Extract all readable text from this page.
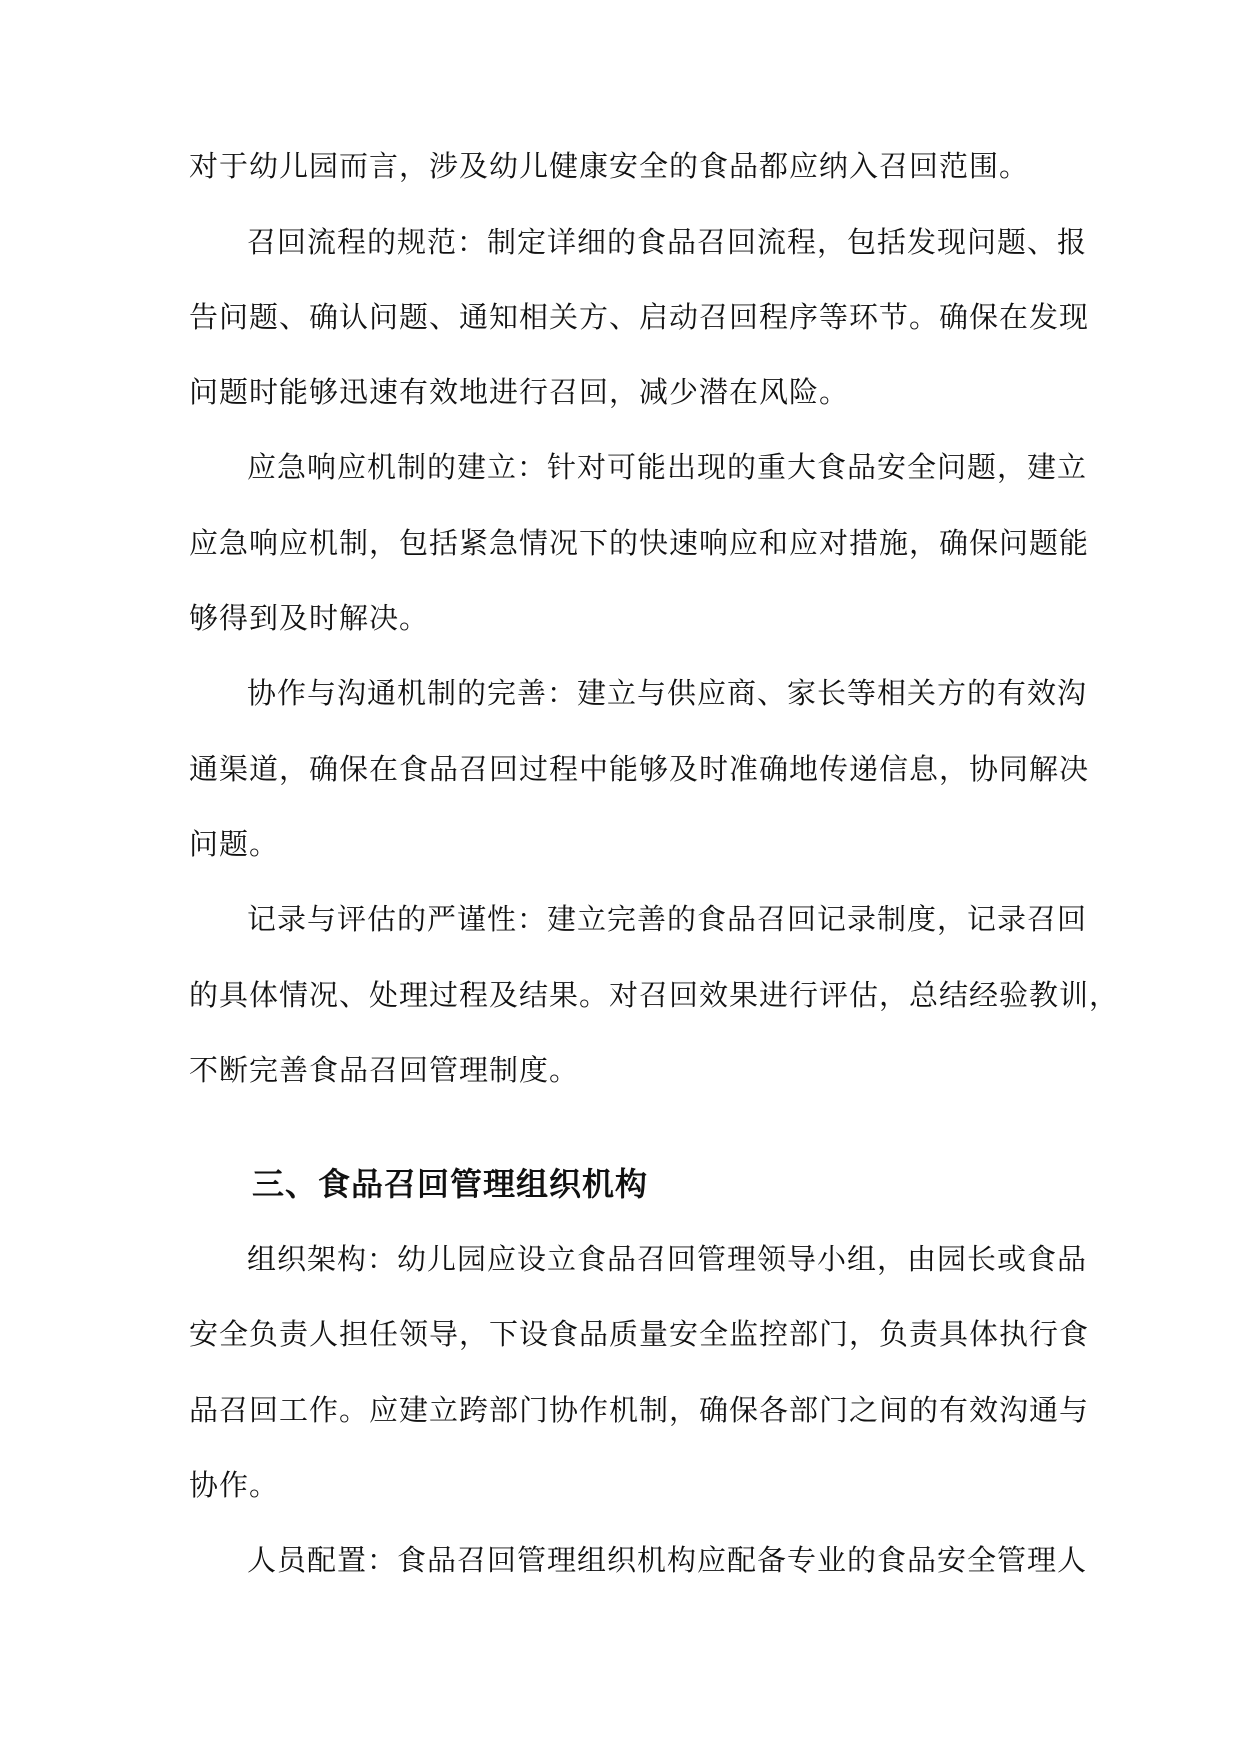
对于幼儿园而言，涉及幼儿健康安全的食品都应纳入召回范围。
召回流程的规范：制定详细的食品召回流程，包括发现问题、报
告问题、确认问题、通知相关方、启动召回程序等环节。确保在发现
问题时能够迅速有效地进行召回，减少潜在风险。
应急响应机制的建立：针对可能出现的重大食品安全问题，建立
应急响应机制，包括紧急情况下的快速响应和应对措施，确保问题能
够得到及时解决。
协作与沟通机制的完善：建立与供应商、家长等相关方的有效沟
通渠道，确保在食品召回过程中能够及时准确地传递信息，协同解决
问题。
记录与评估的严谨性：建立完善的食品召回记录制度，记录召回
的具体情况、处理过程及结果。对召回效果进行评估，总结经验教训，
不断完善食品召回管理制度。
三、食品召回管理组织机构
组织架构：幼儿园应设立食品召回管理领导小组，由园长或食品
安全负责人担任领导，下设食品质量安全监控部门，负责具体执行食
品召回工作。应建立跨部门协作机制，确保各部门之间的有效沟通与
协作。
人员配置：食品召回管理组织机构应配备专业的食品安全管理人
